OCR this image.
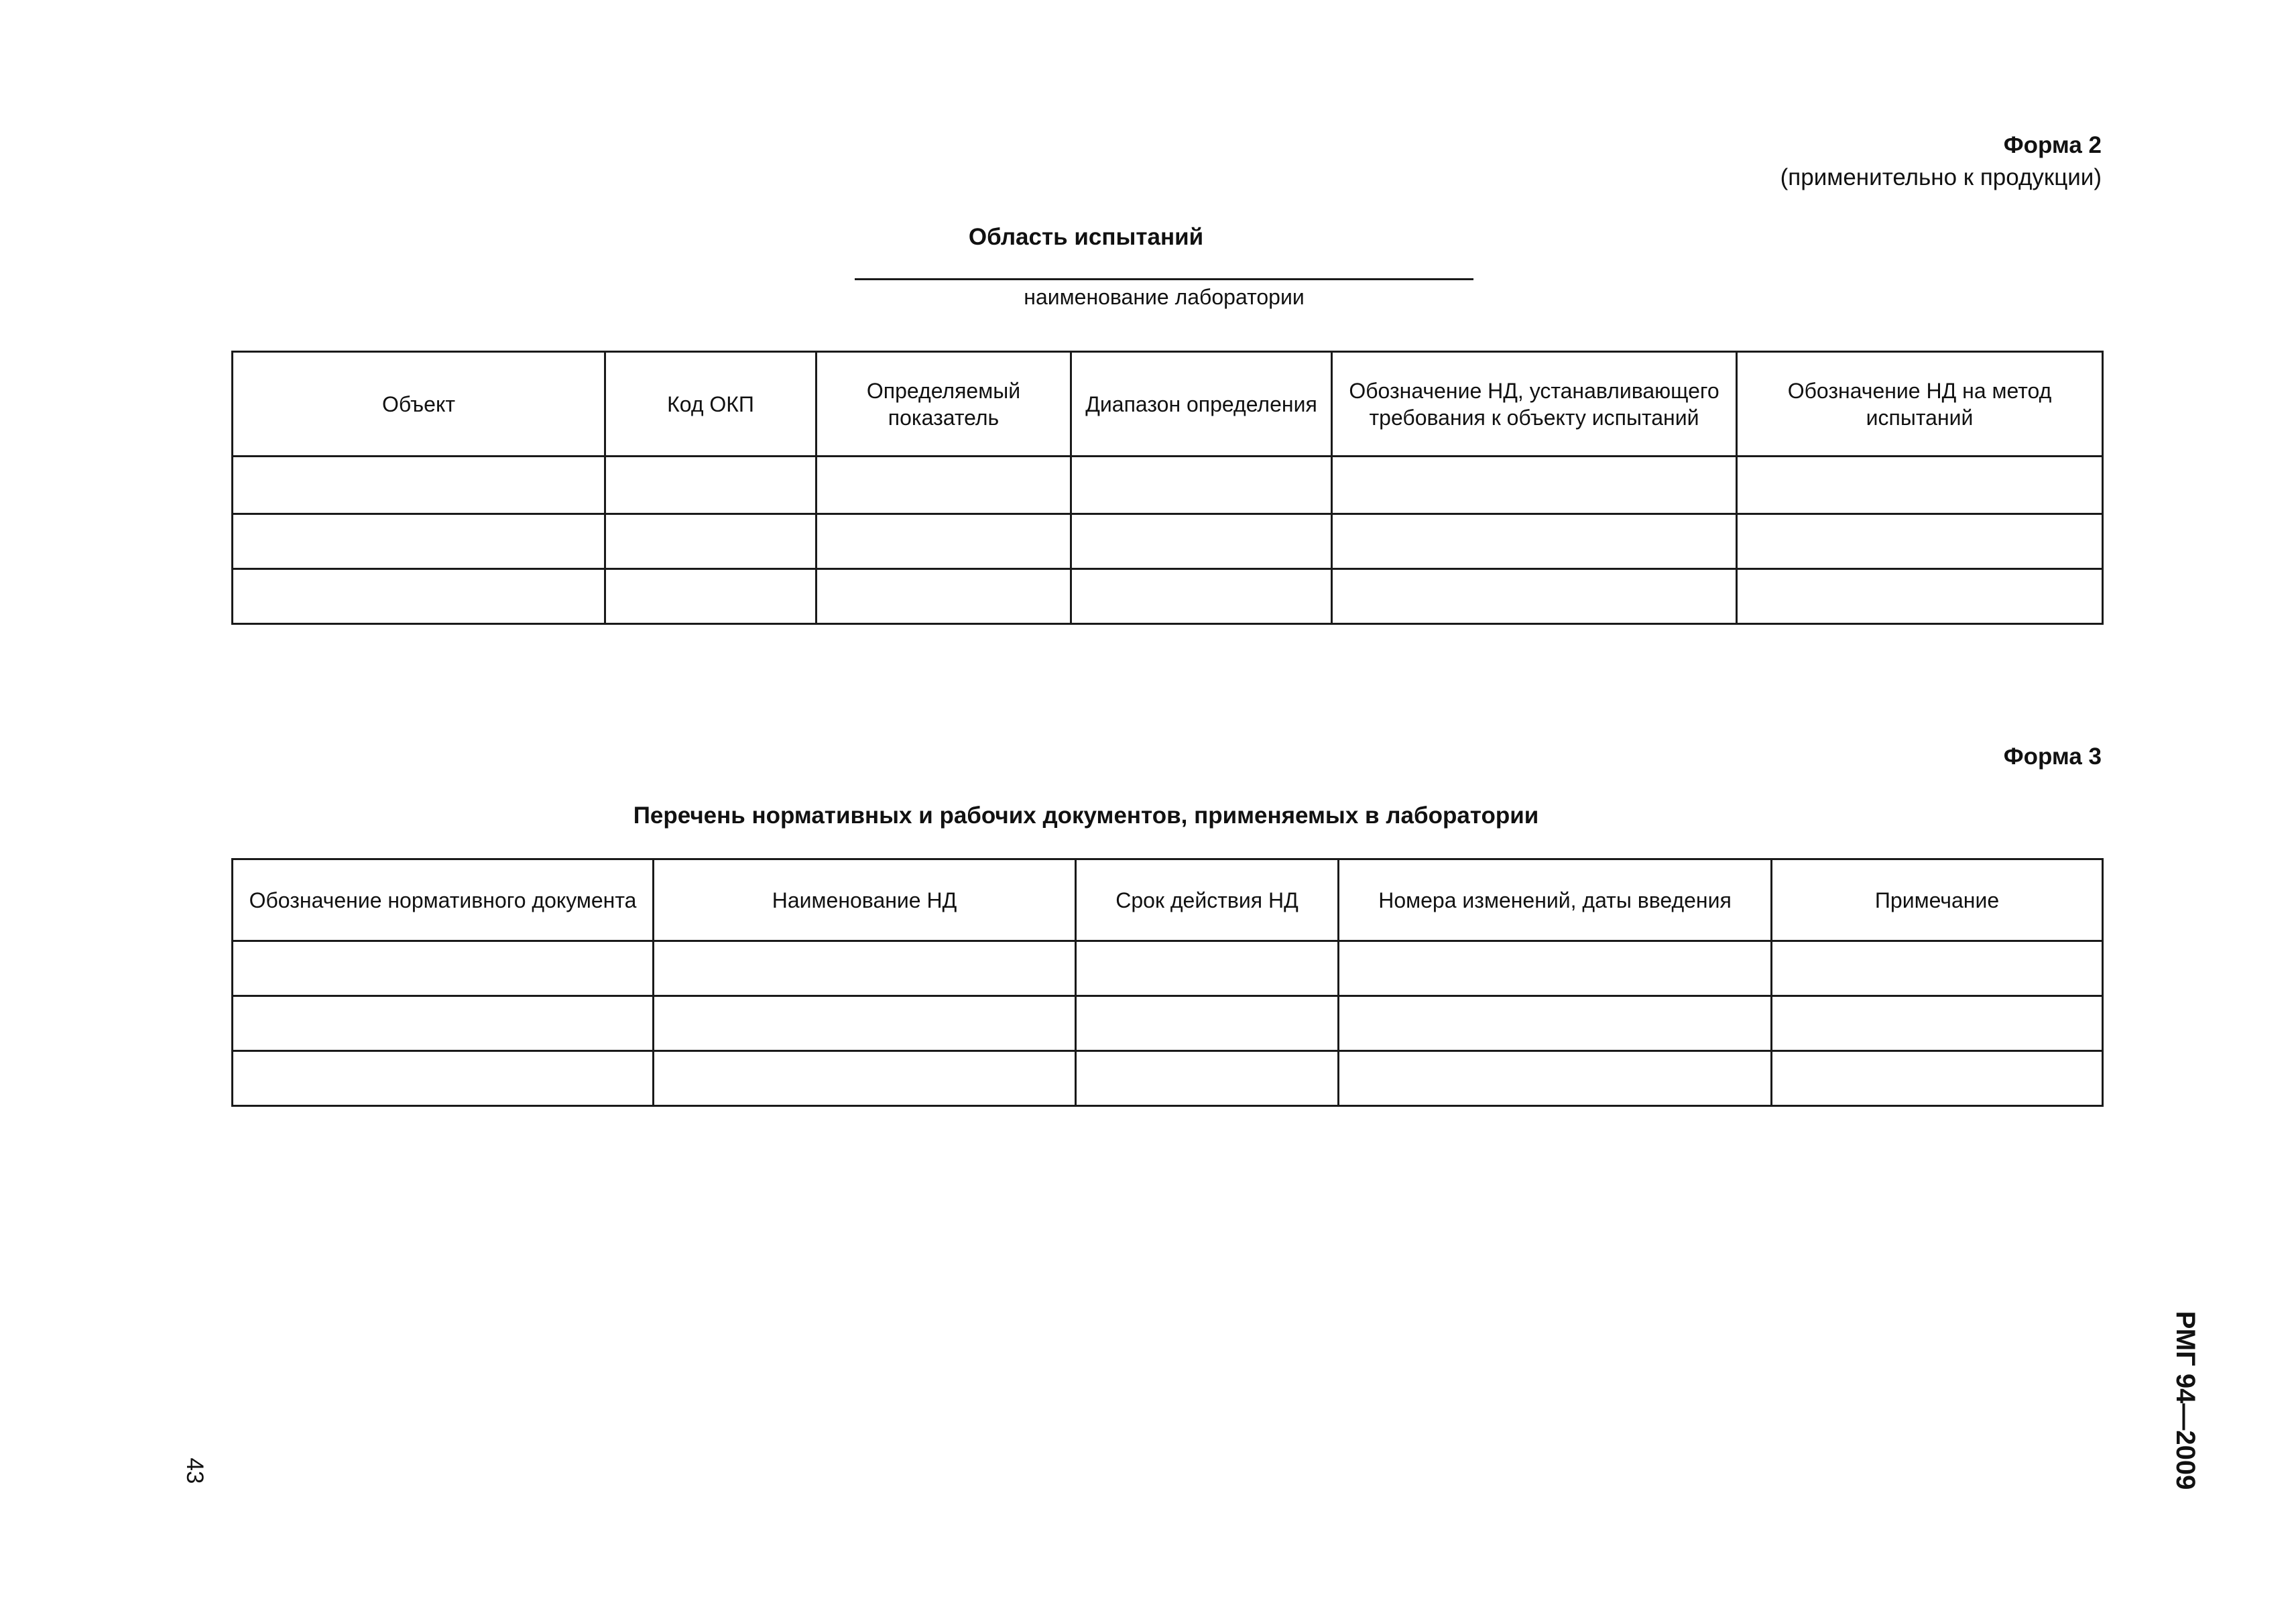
Форма 2
(применительно к продукции)
Область испытаний
наименование лаборатории
Объект	Код ОКП	Определяемый показатель	Диапазон определения	Обозначение НД, устанавливающего требования к объекту испытаний	Обозначение НД на метод испытаний

Форма 3
Перечень нормативных и рабочих документов, применяемых в лаборатории
Обозначение нормативного документа	Наименование НД	Срок действия НД	Номера изменений, даты введения	Примечание

43	РМГ 94—2009
